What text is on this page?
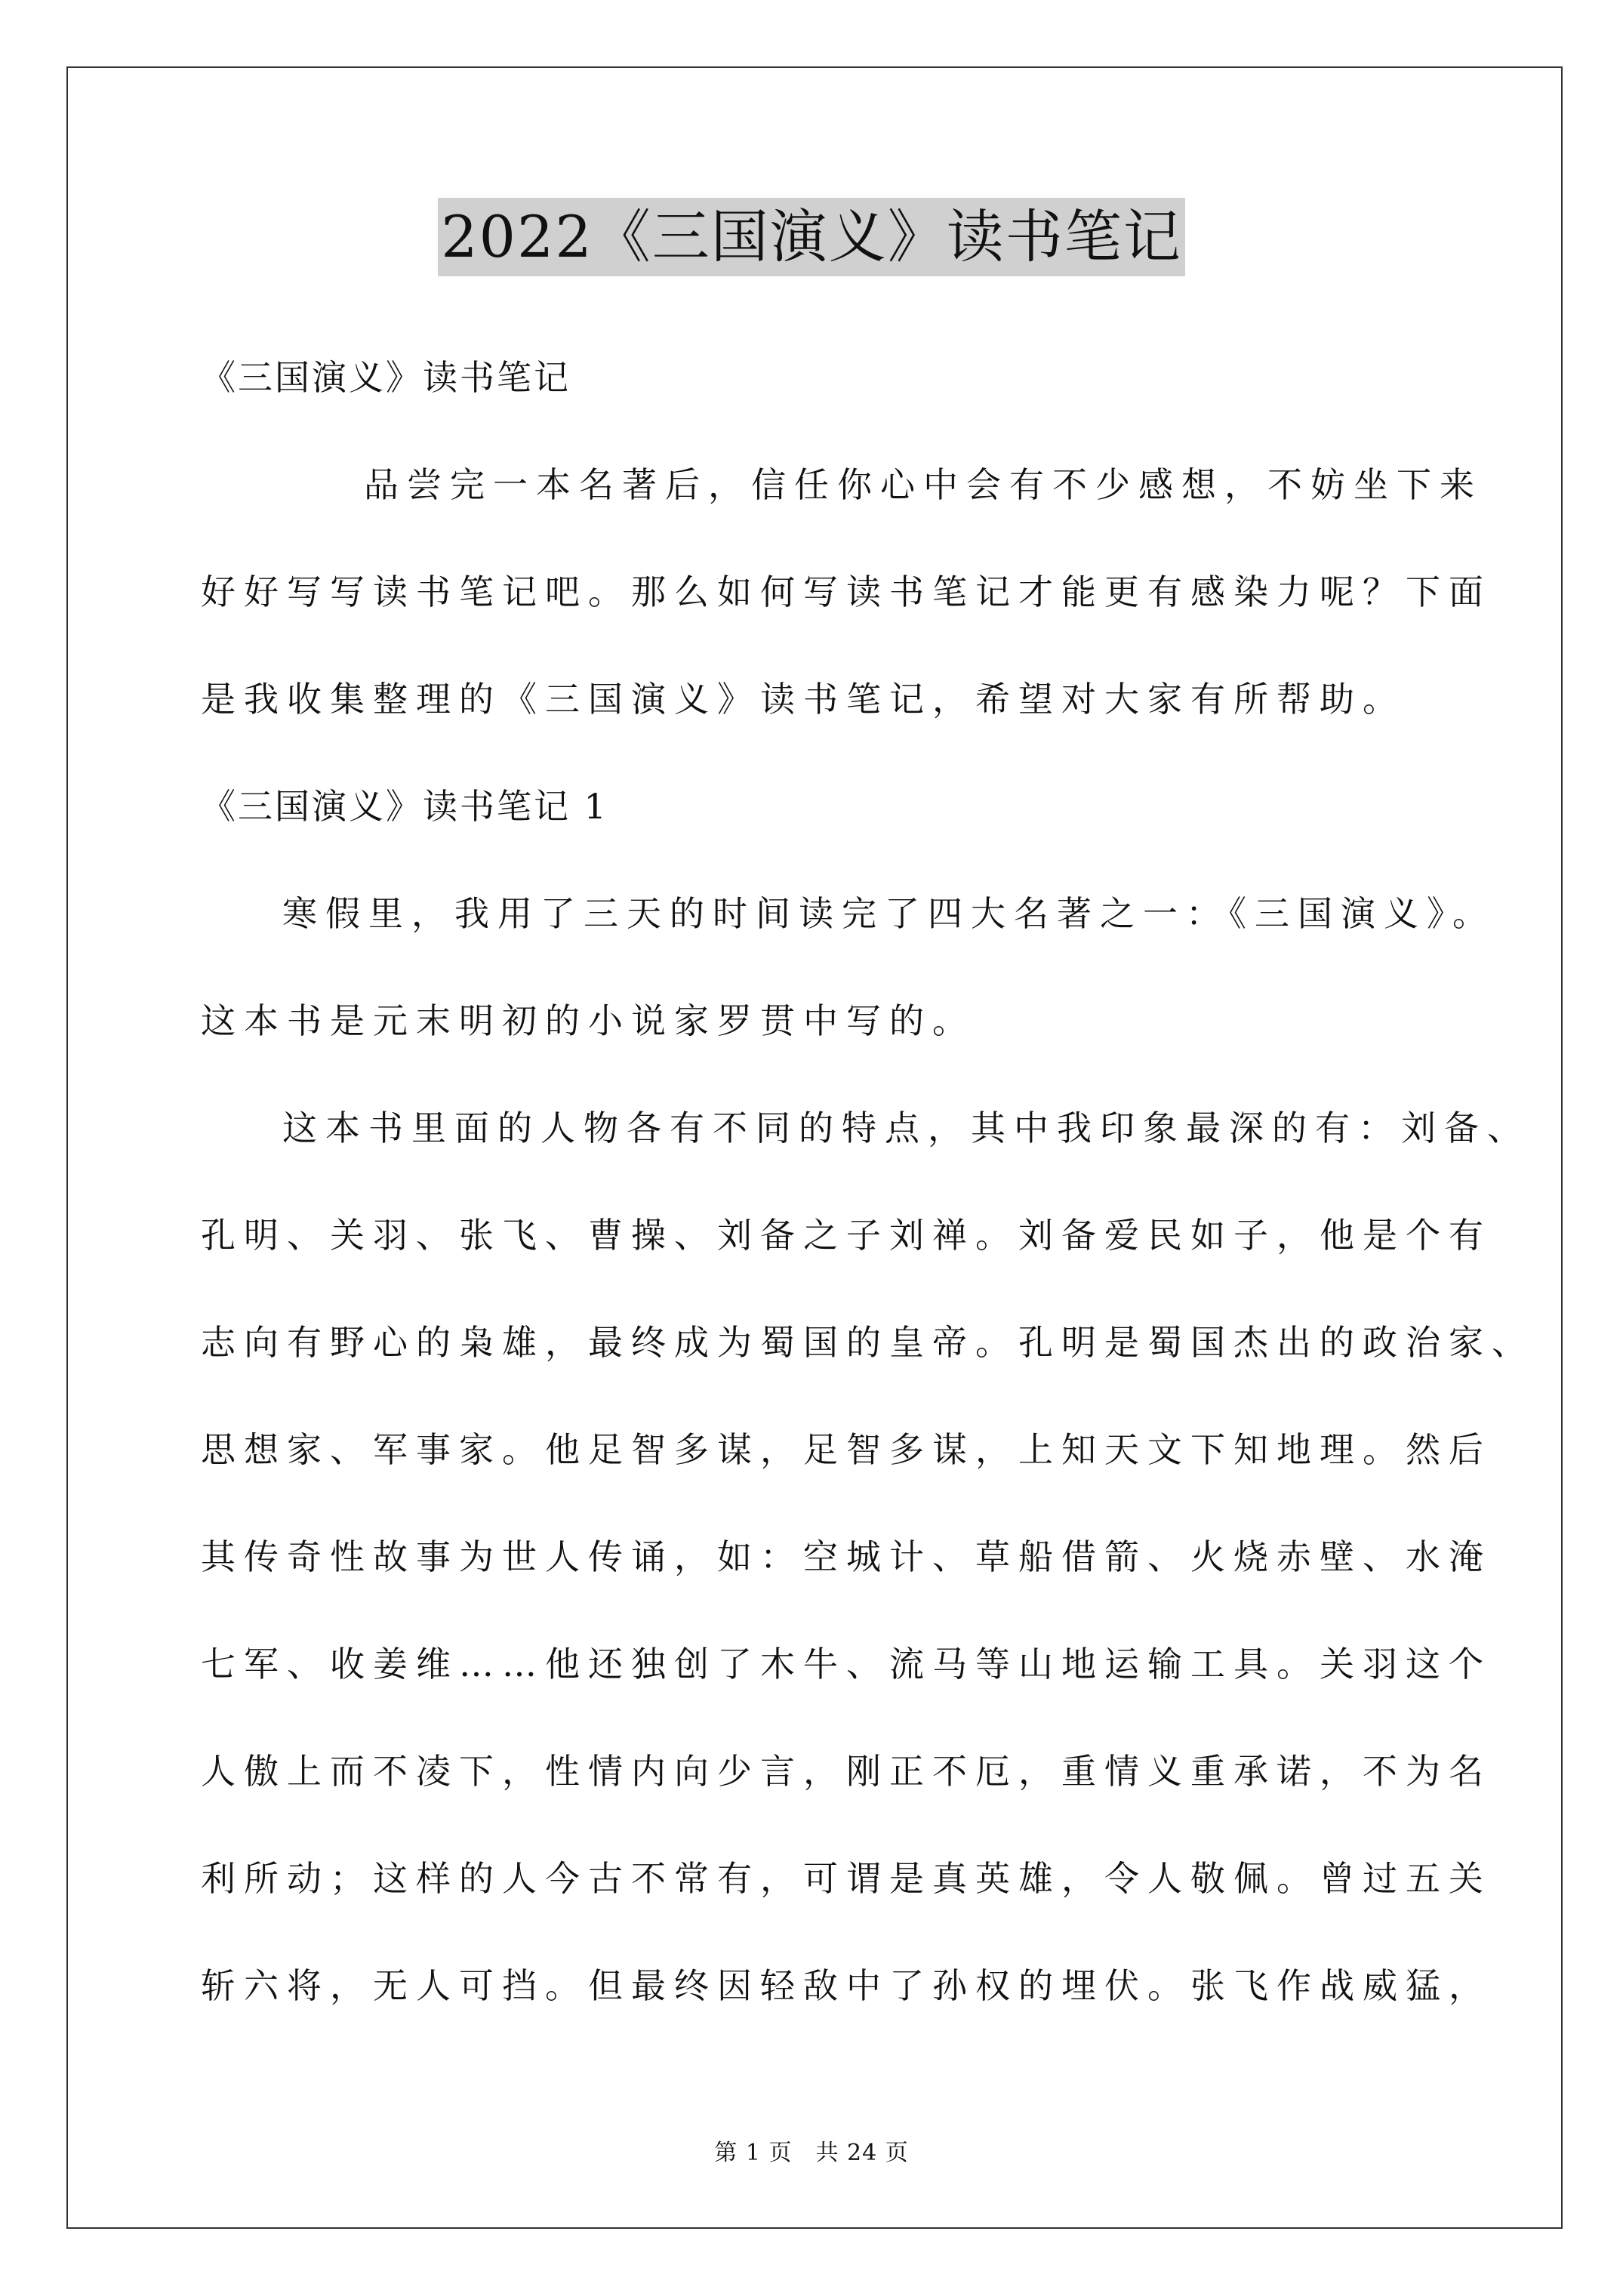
2022《三国演义》读书笔记
《三国演义》读书笔记
品尝完一本名著后，信任你心中会有不少感想，不妨坐下来
好好写写读书笔记吧。那么如何写读书笔记才能更有感染力呢？下面
是我收集整理的《三国演义》读书笔记，希望对大家有所帮助。
《三国演义》读书笔记 1
寒假里，我用了三天的时间读完了四大名著之一：《三国演义》。
这本书是元末明初的小说家罗贯中写的。
这本书里面的人物各有不同的特点，其中我印象最深的有：刘备、
孔明、关羽、张飞、曹操、刘备之子刘禅。刘备爱民如子，他是个有
志向有野心的枭雄，最终成为蜀国的皇帝。孔明是蜀国杰出的政治家、
思想家、军事家。他足智多谋，足智多谋，上知天文下知地理。然后
其传奇性故事为世人传诵，如：空城计、草船借箭、火烧赤壁、水淹
七军、收姜维……他还独创了木牛、流马等山地运输工具。关羽这个
人傲上而不凌下，性情内向少言，刚正不厄，重情义重承诺，不为名
利所动；这样的人今古不常有，可谓是真英雄，令人敬佩。曾过五关
斩六将，无人可挡。但最终因轻敌中了孙权的埋伏。张飞作战威猛，
第 1 页　共 24 页
